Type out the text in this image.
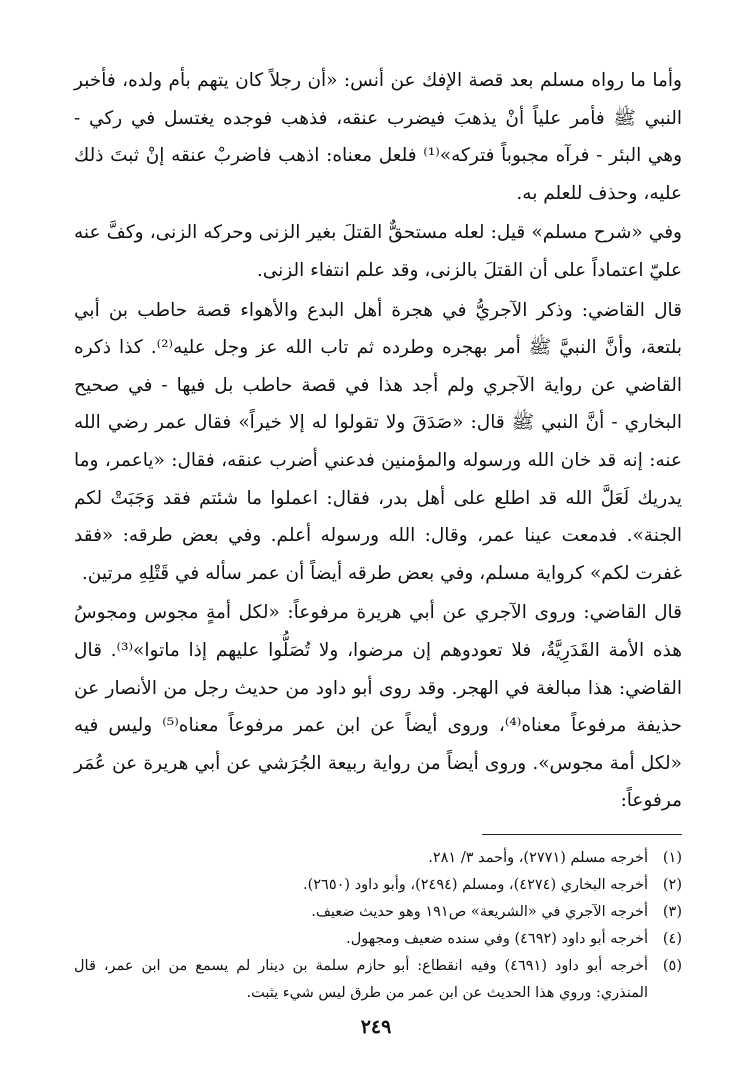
وأما ما رواه مسلم بعد قصة الإفك عن أنس: «أن رجلاً كان يتهم بأم ولده، فأخبر النبي ﷺ فأمر علياً أنْ يذهبَ فيضرب عنقه، فذهب فوجده يغتسل في ركي - وهي البئر - فرآه مجبوباً فتركه»⁽¹⁾ فلعل معناه: اذهب فاضربْ عنقه إنْ ثبتَ ذلك عليه، وحذف للعلم به.

وفي «شرح مسلم» قيل: لعله مستحقٌّ القتلَ بغير الزنى وحركه الزنى، وكفَّ عنه عليّ اعتماداً على أن القتلَ بالزنى، وقد علم انتفاء الزنى.

قال القاضي: وذكر الآجريُّ في هجرة أهل البدع والأهواء قصة حاطب بن أبي بلتعة، وأنَّ النبيَّ ﷺ أمر بهجره وطرده ثم تاب الله عز وجل عليه⁽²⁾. كذا ذكره القاضي عن رواية الآجري ولم أجد هذا في قصة حاطب بل فيها - في صحيح البخاري - أنَّ النبي ﷺ قال: «صَدَقَ ولا تقولوا له إلا خيراً» فقال عمر رضي الله عنه: إنه قد خان الله ورسوله والمؤمنين فدعني أضرب عنقه، فقال: «ياعمر، وما يدريك لَعَلَّ الله قد اطلع على أهل بدر، فقال: اعملوا ما شئتم فقد وَجَبَتْ لكم الجنة». فدمعت عينا عمر، وقال: الله ورسوله أعلم. وفي بعض طرقه: «فقد غفرت لكم» كرواية مسلم، وفي بعض طرقه أيضاً أن عمر سأله في قَتْلِهِ مرتين.

قال القاضي: وروى الآجري عن أبي هريرة مرفوعاً: «لكل أمةٍ مجوس ومجوسُ هذه الأمة القَدَرِيَّةُ، فلا تعودوهم إن مرضوا، ولا تُصَلُّوا عليهم إذا ماتوا»⁽³⁾. قال القاضي: هذا مبالغة في الهجر. وقد روى أبو داود من حديث رجل من الأنصار عن حذيفة مرفوعاً معناه⁽⁴⁾، وروى أيضاً عن ابن عمر مرفوعاً معناه⁽⁵⁾ وليس فيه «لكل أمة مجوس». وروى أيضاً من رواية ربيعة الجُرَشي عن أبي هريرة عن عُمَر مرفوعاً:

(١)
أخرجه مسلم (٢٧٧١)، وأحمد ٣/ ٢٨١.
(٢)
أخرجه البخاري (٤٢٧٤)، ومسلم (٢٤٩٤)، وأبو داود (٢٦٥٠).
(٣)
أخرجه الآجري في «الشريعة» ص١٩١ وهو حديث ضعيف.
(٤)
أخرجه أبو داود (٤٦٩٢) وفي سنده ضعيف ومجهول.
(٥)
أخرجه أبو داود (٤٦٩١) وفيه انقطاع: أبو حازم سلمة بن دينار لم يسمع من ابن عمر، قال المنذري: وروي هذا الحديث عن ابن عمر من طرق ليس شيء يثبت.
٢٤٩
